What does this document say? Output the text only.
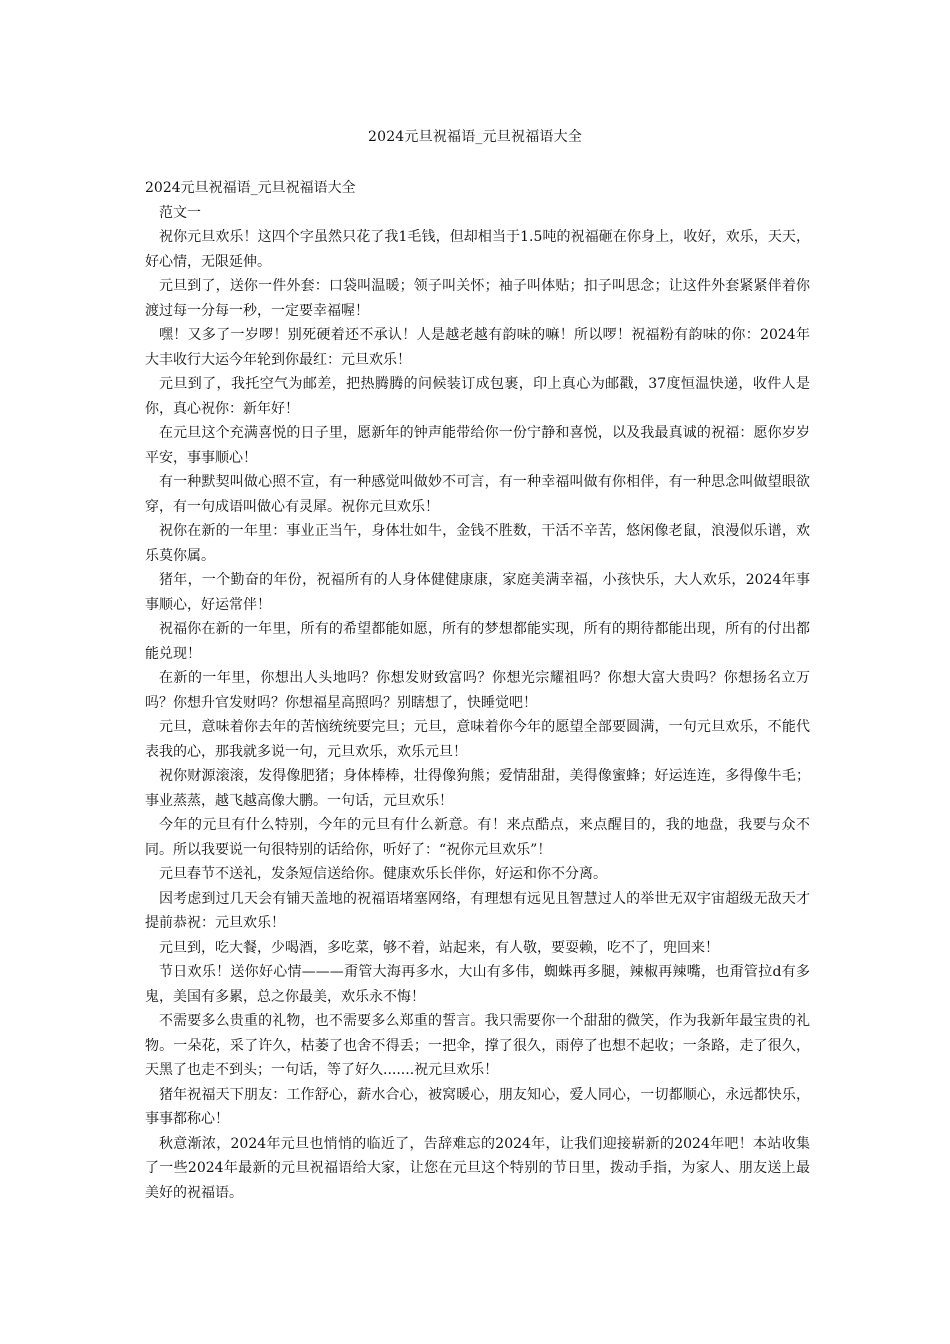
2024元旦祝福语_元旦祝福语大全

2024元旦祝福语_元旦祝福语大全

范文一

祝你元旦欢乐！这四个字虽然只花了我1毛钱，但却相当于1.5吨的祝福砸在你身上，收好，欢乐，天天，好心情，无限延伸。

元旦到了，送你一件外套：口袋叫温暖；领子叫关怀；袖子叫体贴；扣子叫思念；让这件外套紧紧伴着你渡过每一分每一秒，一定要幸福喔！

嘿！又多了一岁啰！别死硬着还不承认！人是越老越有韵味的嘛！所以啰！祝福粉有韵味的你：2024年大丰收行大运今年轮到你最红：元旦欢乐！

元旦到了，我托空气为邮差，把热腾腾的问候装订成包裹，印上真心为邮戳，37度恒温快递，收件人是你，真心祝你：新年好！

在元旦这个充满喜悦的日子里，愿新年的钟声能带给你一份宁静和喜悦，以及我最真诚的祝福：愿你岁岁平安，事事顺心！

有一种默契叫做心照不宣，有一种感觉叫做妙不可言，有一种幸福叫做有你相伴，有一种思念叫做望眼欲穿，有一句成语叫做心有灵犀。祝你元旦欢乐！

祝你在新的一年里：事业正当午，身体壮如牛，金钱不胜数，干活不辛苦，悠闲像老鼠，浪漫似乐谱，欢乐莫你属。

猪年，一个勤奋的年份，祝福所有的人身体健健康康，家庭美满幸福，小孩快乐，大人欢乐，2024年事事顺心，好运常伴！

祝福你在新的一年里，所有的希望都能如愿，所有的梦想都能实现，所有的期待都能出现，所有的付出都能兑现！

在新的一年里，你想出人头地吗？你想发财致富吗？你想光宗耀祖吗？你想大富大贵吗？你想扬名立万吗？你想升官发财吗？你想福星高照吗？别瞎想了，快睡觉吧！

元旦，意味着你去年的苦恼统统要完旦；元旦，意味着你今年的愿望全部要圆满，一句元旦欢乐，不能代表我的心，那我就多说一句，元旦欢乐，欢乐元旦！

祝你财源滚滚，发得像肥猪；身体棒棒，壮得像狗熊；爱情甜甜，美得像蜜蜂；好运连连，多得像牛毛；事业蒸蒸，越飞越高像大鹏。一句话，元旦欢乐！

今年的元旦有什么特别，今年的元旦有什么新意。有！来点酷点，来点醒目的，我的地盘，我要与众不同。所以我要说一句很特别的话给你，听好了：“祝你元旦欢乐”！

元旦春节不送礼，发条短信送给你。健康欢乐长伴你，好运和你不分离。

因考虑到过几天会有铺天盖地的祝福语堵塞网络，有理想有远见且智慧过人的举世无双宇宙超级无敌天才提前恭祝：元旦欢乐！

元旦到，吃大餐，少喝酒，多吃菜，够不着，站起来，有人敬，要耍赖，吃不了，兜回来！

节日欢乐！送你好心情———甭管大海再多水，大山有多伟，蜘蛛再多腿，辣椒再辣嘴，也甭管拉d有多鬼，美国有多累，总之你最美，欢乐永不悔！

不需要多么贵重的礼物，也不需要多么郑重的誓言。我只需要你一个甜甜的微笑，作为我新年最宝贵的礼物。一朵花，采了许久，枯萎了也舍不得丢；一把伞，撑了很久，雨停了也想不起收；一条路，走了很久，天黑了也走不到头；一句话，等了好久.......祝元旦欢乐！

猪年祝福天下朋友：工作舒心，薪水合心，被窝暖心，朋友知心，爱人同心，一切都顺心，永远都快乐，事事都称心！

秋意渐浓，2024年元旦也悄悄的临近了，告辞难忘的2024年，让我们迎接崭新的2024年吧！本站收集了一些2024年最新的元旦祝福语给大家，让您在元旦这个特别的节日里，拨动手指，为家人、朋友送上最美好的祝福语。
